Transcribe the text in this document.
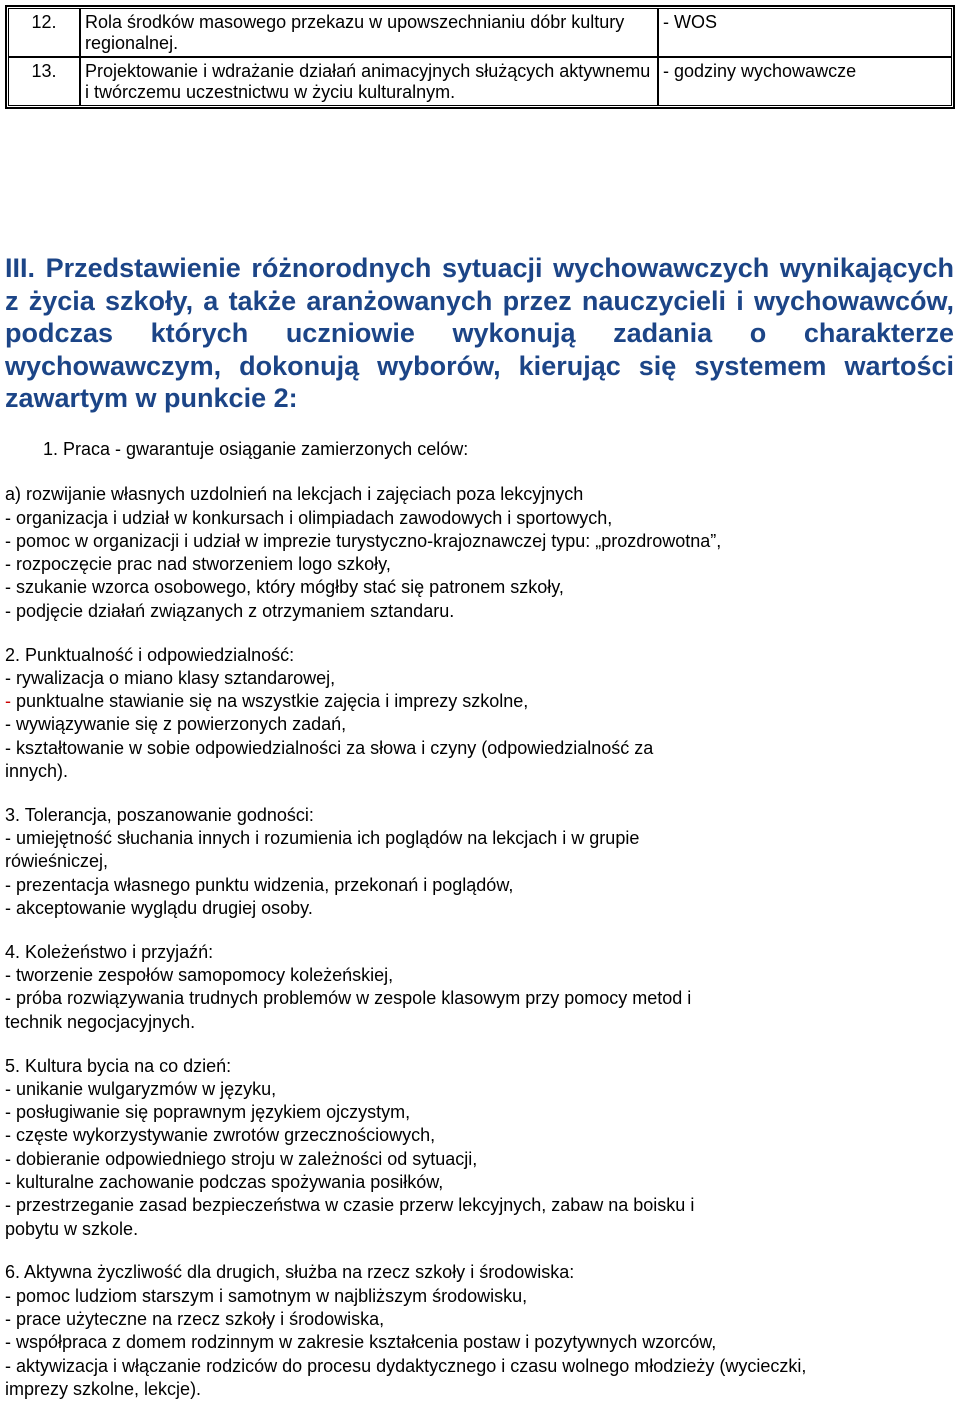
12.	Rola środków masowego przekazu w upowszechnianiu dóbr kultury regionalnej.	- WOS
13.	Projektowanie i wdrażanie działań animacyjnych służących aktywnemu i twórczemu uczestnictwu w życiu kulturalnym.	- godziny wychowawcze
III. Przedstawienie różnorodnych sytuacji wychowawczych wynikających z życia szkoły, a także aranżowanych przez nauczycieli i wychowawców, podczas których uczniowie wykonują zadania o charakterze wychowawczym, dokonują wyborów, kierując się systemem wartości zawartym w punkcie 2:
1. Praca - gwarantuje osiąganie zamierzonych celów:
a) rozwijanie własnych uzdolnień na lekcjach i zajęciach poza lekcyjnych
- organizacja i udział w konkursach i olimpiadach zawodowych i sportowych,
- pomoc w organizacji i udział w imprezie turystyczno-krajoznawczej typu: „prozdrowotna”,
- rozpoczęcie prac nad stworzeniem logo szkoły,
- szukanie wzorca osobowego, który mógłby stać się patronem szkoły,
- podjęcie działań związanych z otrzymaniem sztandaru.
2. Punktualność i odpowiedzialność:
- rywalizacja o miano klasy sztandarowej,
- punktualne stawianie się na wszystkie zajęcia i imprezy szkolne,
- wywiązywanie się z powierzonych zadań,
- kształtowanie w sobie odpowiedzialności za słowa i czyny (odpowiedzialność za
innych).
3. Tolerancja, poszanowanie godności:
- umiejętność słuchania innych i rozumienia ich poglądów na lekcjach i w grupie
rówieśniczej,
- prezentacja własnego punktu widzenia, przekonań i poglądów,
- akceptowanie wyglądu drugiej osoby.
4. Koleżeństwo i przyjaźń:
- tworzenie zespołów samopomocy koleżeńskiej,
- próba rozwiązywania trudnych problemów w zespole klasowym przy pomocy metod i
technik negocjacyjnych.
5. Kultura bycia na co dzień:
- unikanie wulgaryzmów w języku,
- posługiwanie się poprawnym językiem ojczystym,
- częste wykorzystywanie zwrotów grzecznościowych,
- dobieranie odpowiedniego stroju w zależności od sytuacji,
- kulturalne zachowanie podczas spożywania posiłków,
- przestrzeganie zasad bezpieczeństwa w czasie przerw lekcyjnych, zabaw na boisku i
pobytu w szkole.
6. Aktywna życzliwość dla drugich, służba na rzecz szkoły i środowiska:
- pomoc ludziom starszym i samotnym w najbliższym środowisku,
- prace użyteczne na rzecz szkoły i środowiska,
- współpraca z domem rodzinnym w zakresie kształcenia postaw i pozytywnych wzorców,
- aktywizacja i włączanie rodziców do procesu dydaktycznego i czasu wolnego młodzieży (wycieczki,
imprezy szkolne, lekcje).
